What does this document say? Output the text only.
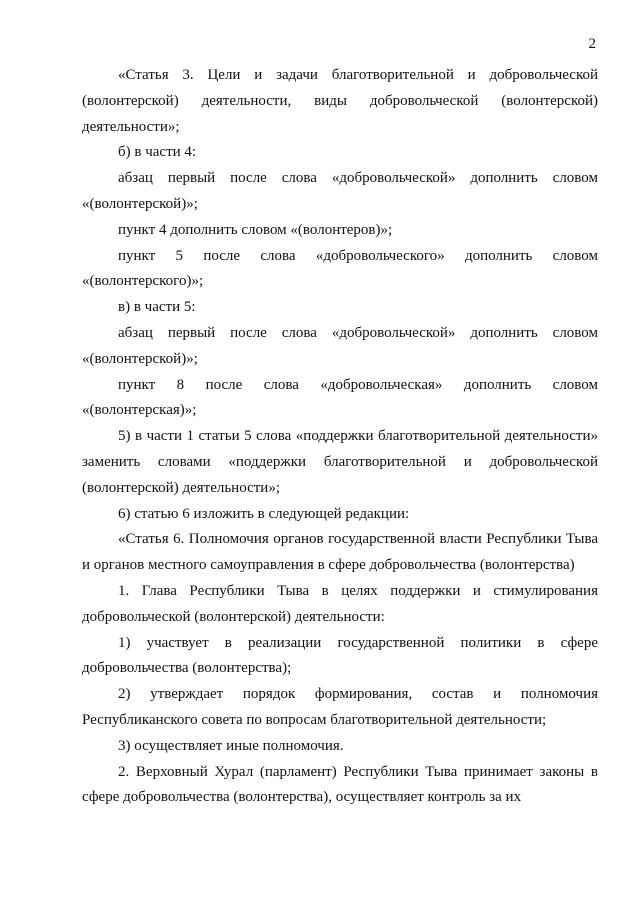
2

«Статья 3. Цели и задачи благотворительной и добровольческой (волонтерской) деятельности, виды добровольческой (волонтерской) деятельности»;

б) в части 4:

абзац первый после слова «добровольческой» дополнить словом «(волонтерской)»;

пункт 4 дополнить словом «(волонтеров)»;

пункт 5 после слова «добровольческого» дополнить словом «(волонтерского)»;

в) в части 5:

абзац первый после слова «добровольческой» дополнить словом «(волонтерской)»;

пункт 8 после слова «добровольческая» дополнить словом «(волонтерская)»;

5) в части 1 статьи 5 слова «поддержки благотворительной деятельности» заменить словами «поддержки благотворительной и добровольческой (волонтерской) деятельности»;

6) статью 6 изложить в следующей редакции:

«Статья 6. Полномочия органов государственной власти Республики Тыва и органов местного самоуправления в сфере добровольчества (волонтерства)

1. Глава Республики Тыва в целях поддержки и стимулирования добровольческой (волонтерской) деятельности:

1) участвует в реализации государственной политики в сфере добровольчества (волонтерства);

2) утверждает порядок формирования, состав и полномочия Республиканского совета по вопросам благотворительной деятельности;

3) осуществляет иные полномочия.

2. Верховный Хурал (парламент) Республики Тыва принимает законы в сфере добровольчества (волонтерства), осуществляет контроль за их
